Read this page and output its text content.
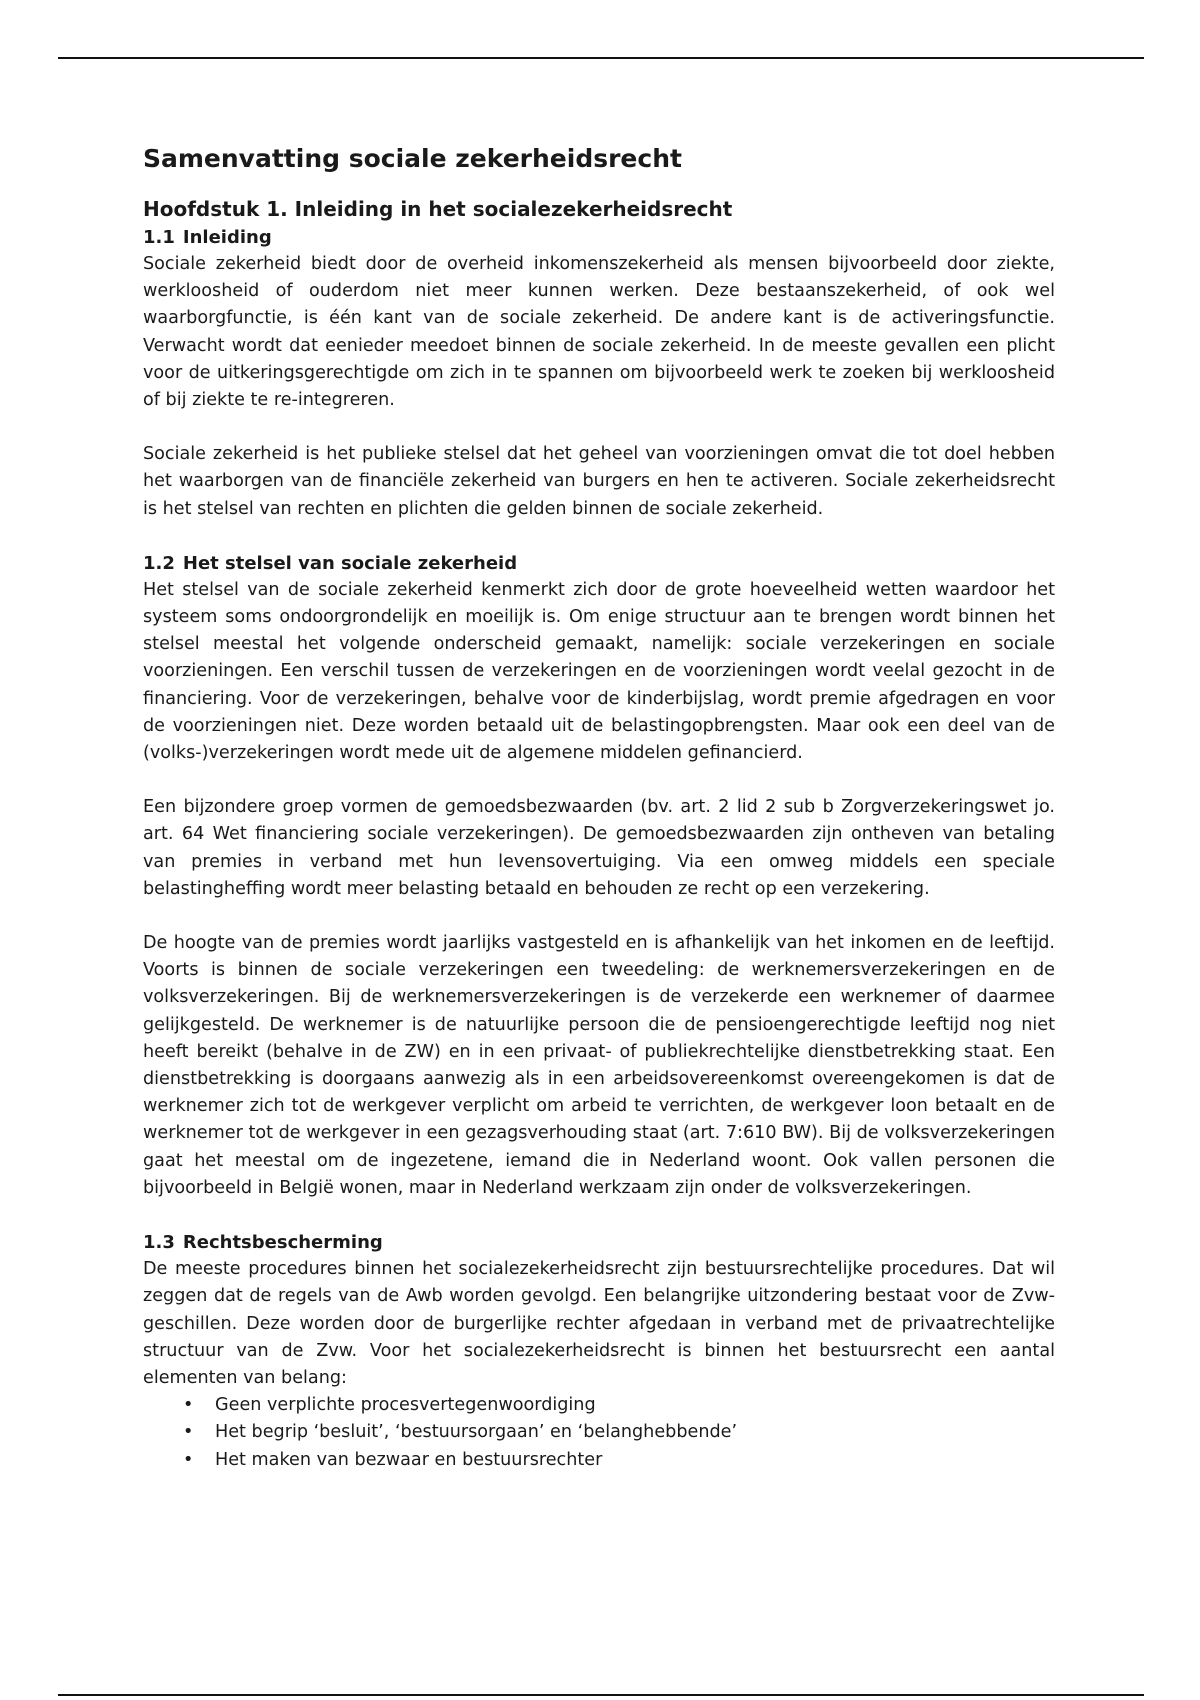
Samenvatting sociale zekerheidsrecht
Hoofdstuk 1. Inleiding in het socialezekerheidsrecht
1.1 Inleiding

Sociale zekerheid biedt door de overheid inkomenszekerheid als mensen bijvoorbeeld door ziekte, werkloosheid of ouderdom niet meer kunnen werken. Deze bestaanszekerheid, of ook wel waarborgfunctie, is één kant van de sociale zekerheid. De andere kant is de activeringsfunctie. Verwacht wordt dat eenieder meedoet binnen de sociale zekerheid. In de meeste gevallen een plicht voor de uitkeringsgerechtigde om zich in te spannen om bijvoorbeeld werk te zoeken bij werkloosheid of bij ziekte te re-integreren.

Sociale zekerheid is het publieke stelsel dat het geheel van voorzieningen omvat die tot doel hebben het waarborgen van de financiële zekerheid van burgers en hen te activeren. Sociale zekerheidsrecht is het stelsel van rechten en plichten die gelden binnen de sociale zekerheid.

1.2 Het stelsel van sociale zekerheid

Het stelsel van de sociale zekerheid kenmerkt zich door de grote hoeveelheid wetten waardoor het systeem soms ondoorgrondelijk en moeilijk is. Om enige structuur aan te brengen wordt binnen het stelsel meestal het volgende onderscheid gemaakt, namelijk: sociale verzekeringen en sociale voorzieningen. Een verschil tussen de verzekeringen en de voorzieningen wordt veelal gezocht in de financiering. Voor de verzekeringen, behalve voor de kinderbijslag, wordt premie afgedragen en voor de voorzieningen niet. Deze worden betaald uit de belastingopbrengsten. Maar ook een deel van de (volks-)verzekeringen wordt mede uit de algemene middelen gefinancierd.

Een bijzondere groep vormen de gemoedsbezwaarden (bv. art. 2 lid 2 sub b Zorgverzekeringswet jo. art. 64 Wet financiering sociale verzekeringen). De gemoedsbezwaarden zijn ontheven van betaling van premies in verband met hun levensovertuiging. Via een omweg middels een speciale belastingheffing wordt meer belasting betaald en behouden ze recht op een verzekering.

De hoogte van de premies wordt jaarlijks vastgesteld en is afhankelijk van het inkomen en de leeftijd. Voorts is binnen de sociale verzekeringen een tweedeling: de werknemersverzekeringen en de volksverzekeringen. Bij de werknemersverzekeringen is de verzekerde een werknemer of daarmee gelijkgesteld. De werknemer is de natuurlijke persoon die de pensioengerechtigde leeftijd nog niet heeft bereikt (behalve in de ZW) en in een privaat- of publiekrechtelijke dienstbetrekking staat. Een dienstbetrekking is doorgaans aanwezig als in een arbeidsovereenkomst overeengekomen is dat de werknemer zich tot de werkgever verplicht om arbeid te verrichten, de werkgever loon betaalt en de werknemer tot de werkgever in een gezagsverhouding staat (art. 7:610 BW). Bij de volksverzekeringen gaat het meestal om de ingezetene, iemand die in Nederland woont. Ook vallen personen die bijvoorbeeld in België wonen, maar in Nederland werkzaam zijn onder de volksverzekeringen.

1.3 Rechtsbescherming

De meeste procedures binnen het socialezekerheidsrecht zijn bestuursrechtelijke procedures. Dat wil zeggen dat de regels van de Awb worden gevolgd. Een belangrijke uitzondering bestaat voor de Zvw-geschillen. Deze worden door de burgerlijke rechter afgedaan in verband met de privaatrechtelijke structuur van de Zvw. Voor het socialezekerheidsrecht is binnen het bestuursrecht een aantal elementen van belang:

•	Geen verplichte procesvertegenwoordiging
•	Het begrip ‘besluit’, ‘bestuursorgaan’ en ‘belanghebbende’
•	Het maken van bezwaar en bestuursrechter
